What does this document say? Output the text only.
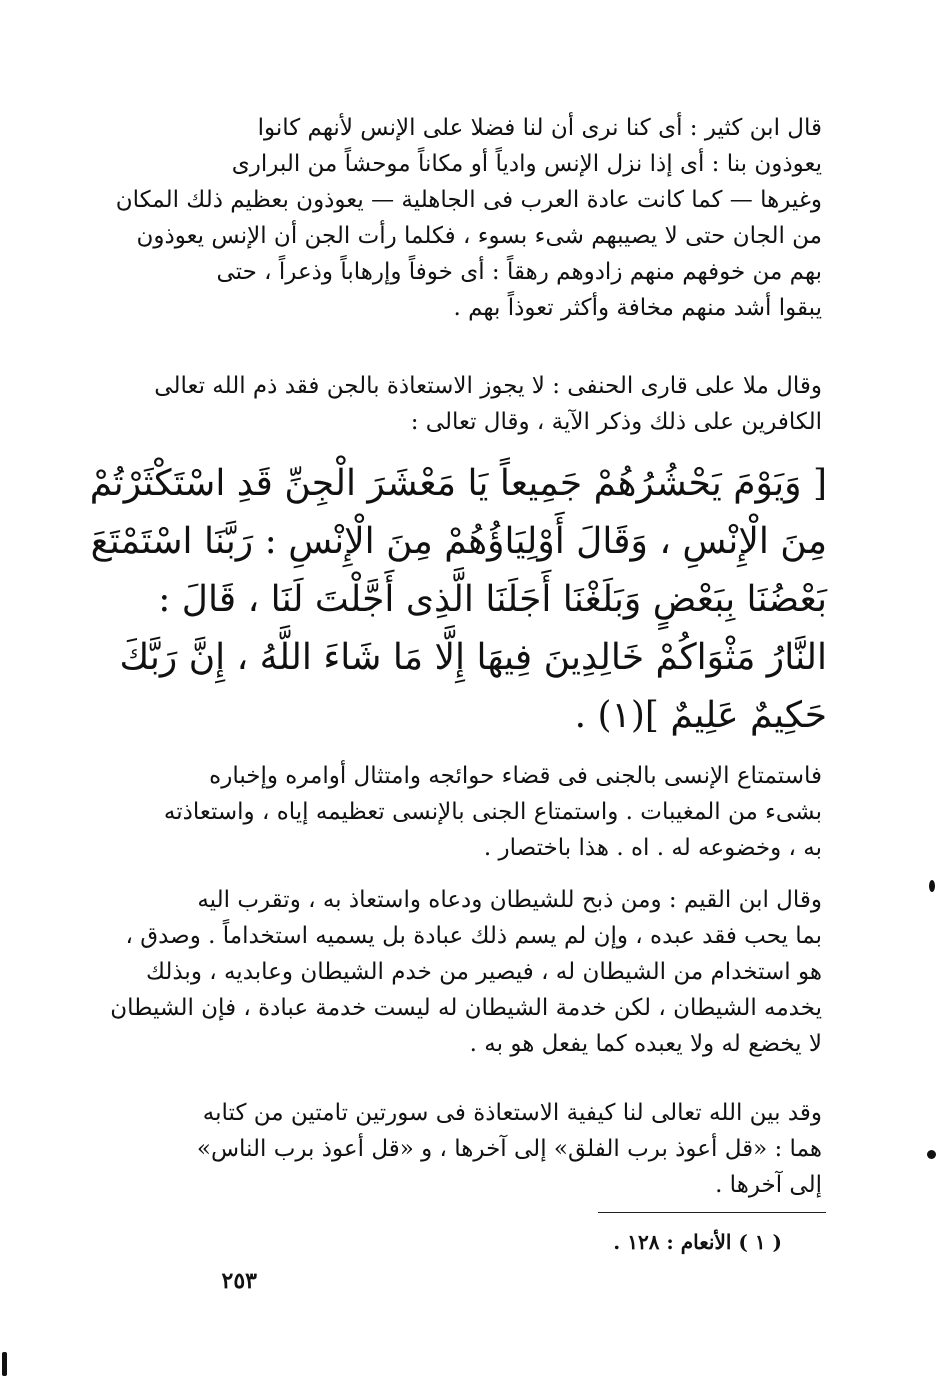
قال ابن كثير : أى كنا نرى أن لنا فضلا على الإنس لأنهم كانوا
يعوذون بنا : أى إذا نزل الإنس وادياً أو مكاناً موحشاً من البرارى
وغيرها — كما كانت عادة العرب فى الجاهلية — يعوذون بعظيم ذلك المكان
من الجان حتى لا يصيبهم شىء بسوء ، فكلما رأت الجن أن الإنس يعوذون
بهم من خوفهم منهم زادوهم رهقاً : أى خوفاً وإرهاباً وذعراً ، حتى
يبقوا أشد منهم مخافة وأكثر تعوذاً بهم .
وقال ملا على قارى الحنفى : لا يجوز الاستعاذة بالجن فقد ذم الله تعالى
الكافرين على ذلك وذكر الآية ، وقال تعالى :
[ وَيَوْمَ يَحْشُرُهُمْ جَمِيعاً يَا مَعْشَرَ الْجِنِّ قَدِ اسْتَكْثَرْتُمْ
مِنَ الْإِنْسِ ، وَقَالَ أَوْلِيَاؤُهُمْ مِنَ الْإِنْسِ : رَبَّنَا اسْتَمْتَعَ
بَعْضُنَا بِبَعْضٍ وَبَلَغْنَا أَجَلَنَا الَّذِى أَجَّلْتَ لَنَا ، قَالَ :
النَّارُ مَثْوَاكُمْ خَالِدِينَ فِيهَا إِلَّا مَا شَاءَ اللَّهُ ، إِنَّ رَبَّكَ
حَكِيمٌ عَلِيمٌ ](١) .
فاستمتاع الإنسى بالجنى فى قضاء حوائجه وامتثال أوامره وإخباره
بشىء من المغيبات . واستمتاع الجنى بالإنسى تعظيمه إياه ، واستعاذته
به ، وخضوعه له . اه . هذا باختصار .
وقال ابن القيم : ومن ذبح للشيطان ودعاه واستعاذ به ، وتقرب اليه
بما يحب فقد عبده ، وإن لم يسم ذلك عبادة بل يسميه استخداماً . وصدق ،
هو استخدام من الشيطان له ، فيصير من خدم الشيطان وعابديه ، وبذلك
يخدمه الشيطان ، لكن خدمة الشيطان له ليست خدمة عبادة ، فإن الشيطان
لا يخضع له ولا يعبده كما يفعل هو به .
وقد بين الله تعالى لنا كيفية الاستعاذة فى سورتين تامتين من كتابه
هما : «قل أعوذ برب الفلق» إلى آخرها ، و «قل أعوذ برب الناس»
إلى آخرها .
( ١ ) الأنعام : ١٢٨ .
٢٥٣
